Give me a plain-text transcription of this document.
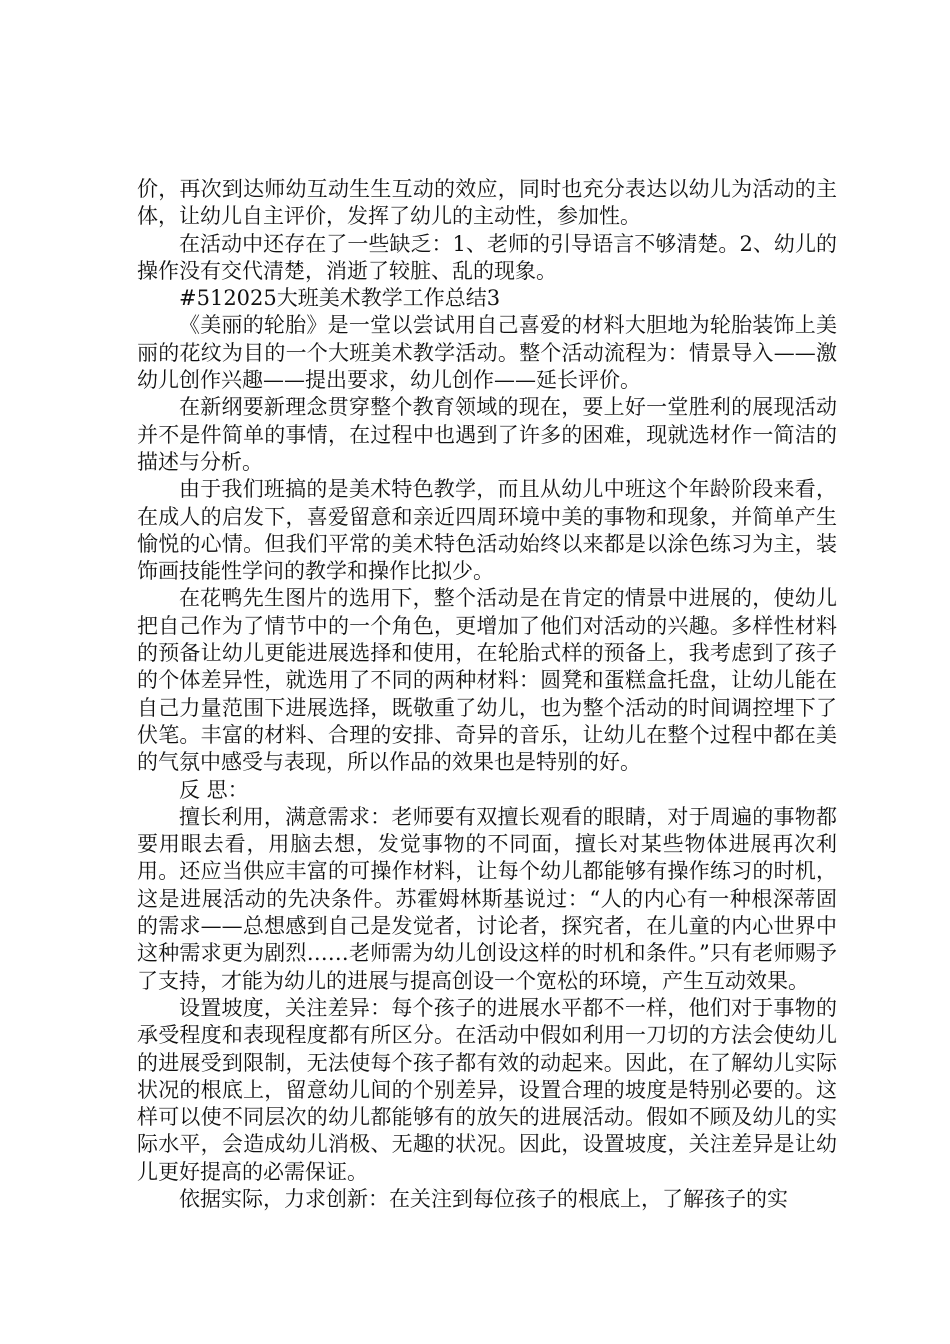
价，再次到达师幼互动生生互动的效应，同时也充分表达以幼儿为活动的主体，让幼儿自主评价，发挥了幼儿的主动性，参加性。

在活动中还存在了一些缺乏：1、老师的引导语言不够清楚。2、幼儿的操作没有交代清楚，消逝了较脏、乱的现象。

#512025大班美术教学工作总结3

《美丽的轮胎》是一堂以尝试用自己喜爱的材料大胆地为轮胎装饰上美丽的花纹为目的一个大班美术教学活动。整个活动流程为：情景导入——激幼儿创作兴趣——提出要求，幼儿创作——延长评价。

在新纲要新理念贯穿整个教育领域的现在，要上好一堂胜利的展现活动并不是件简单的事情，在过程中也遇到了许多的困难，现就选材作一简洁的描述与分析。

由于我们班搞的是美术特色教学，而且从幼儿中班这个年龄阶段来看，在成人的启发下，喜爱留意和亲近四周环境中美的事物和现象，并简单产生愉悦的心情。但我们平常的美术特色活动始终以来都是以涂色练习为主，装饰画技能性学问的教学和操作比拟少。

在花鸭先生图片的选用下，整个活动是在肯定的情景中进展的，使幼儿把自己作为了情节中的一个角色，更增加了他们对活动的兴趣。多样性材料的预备让幼儿更能进展选择和使用，在轮胎式样的预备上，我考虑到了孩子的个体差异性，就选用了不同的两种材料：圆凳和蛋糕盒托盘，让幼儿能在自己力量范围下进展选择，既敬重了幼儿，也为整个活动的时间调控埋下了伏笔。丰富的材料、合理的安排、奇异的音乐，让幼儿在整个过程中都在美的气氛中感受与表现，所以作品的效果也是特别的好。

反 思：

擅长利用，满意需求：老师要有双擅长观看的眼睛，对于周遍的事物都要用眼去看，用脑去想，发觉事物的不同面，擅长对某些物体进展再次利用。还应当供应丰富的可操作材料，让每个幼儿都能够有操作练习的时机，这是进展活动的先决条件。苏霍姆林斯基说过：“人的内心有一种根深蒂固的需求——总想感到自己是发觉者，讨论者，探究者，在儿童的内心世界中这种需求更为剧烈……老师需为幼儿创设这样的时机和条件。”只有老师赐予了支持，才能为幼儿的进展与提高创设一个宽松的环境，产生互动效果。

设置坡度，关注差异：每个孩子的进展水平都不一样，他们对于事物的承受程度和表现程度都有所区分。在活动中假如利用一刀切的方法会使幼儿的进展受到限制，无法使每个孩子都有效的动起来。因此，在了解幼儿实际状况的根底上，留意幼儿间的个别差异，设置合理的坡度是特别必要的。这样可以使不同层次的幼儿都能够有的放矢的进展活动。假如不顾及幼儿的实际水平，会造成幼儿消极、无趣的状况。因此，设置坡度，关注差异是让幼儿更好提高的必需保证。

依据实际，力求创新：在关注到每位孩子的根底上，了解孩子的实
